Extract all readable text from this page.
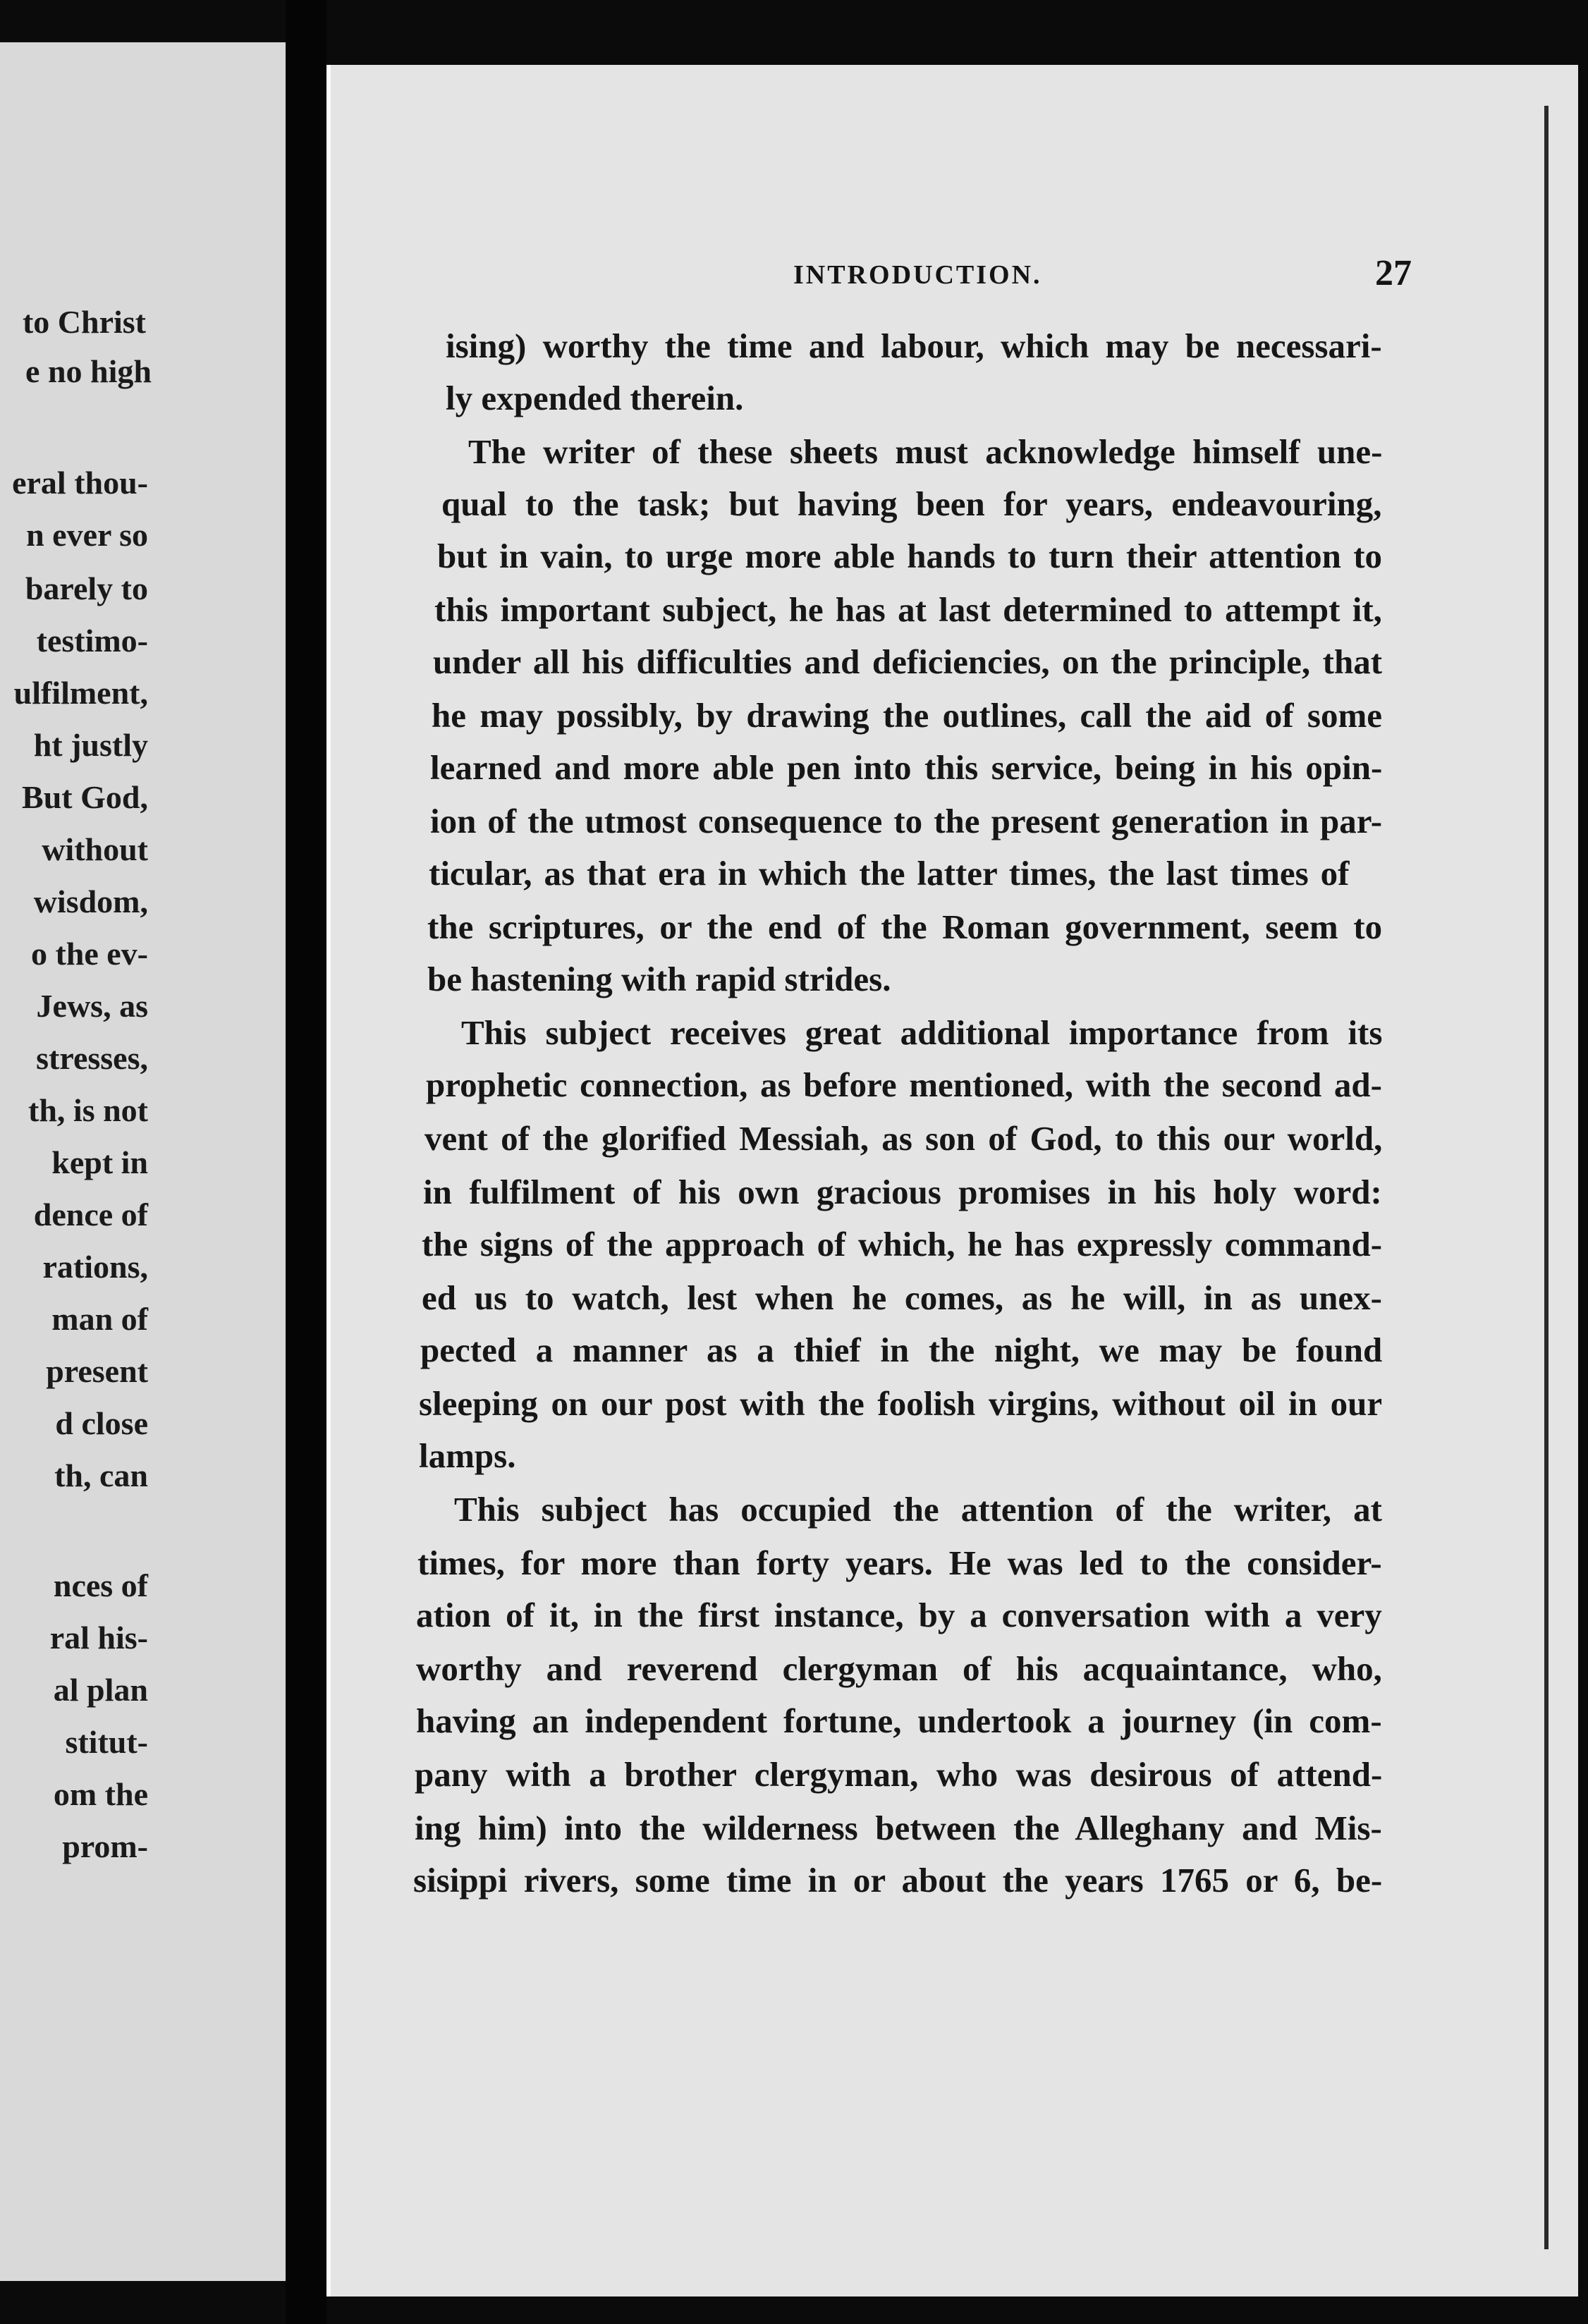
to Christ
e no high
eral thou-
n ever so
barely to
testimo-
ulfilment,
ht justly
But God,
without
wisdom,
o the ev-
Jews, as
stresses,
th, is not
kept in
dence of
rations,
man of
present
d close
th, can
nces of
ral his-
al plan
stitut-
om the
prom-
INTRODUCTION.	27
ising) worthy the time and labour, which may be necessari-
ly expended therein.
The writer of these sheets must acknowledge himself une-
qual to the task; but having been for years, endeavouring,
but in vain, to urge more able hands to turn their attention to
this important subject, he has at last determined to attempt it,
under all his difficulties and deficiencies, on the principle, that
he may possibly, by drawing the outlines, call the aid of some
learned and more able pen into this service, being in his opin-
ion of the utmost consequence to the present generation in par-
ticular, as that era in which the latter times, the last times of
the scriptures, or the end of the Roman government, seem to
be hastening with rapid strides.
This subject receives great additional importance from its
prophetic connection, as before mentioned, with the second ad-
vent of the glorified Messiah, as son of God, to this our world,
in fulfilment of his own gracious promises in his holy word:
the signs of the approach of which, he has expressly command-
ed us to watch, lest when he comes, as he will, in as unex-
pected a manner as a thief in the night, we may be found
sleeping on our post with the foolish virgins, without oil in our
lamps.
This subject has occupied the attention of the writer, at
times, for more than forty years. He was led to the consider-
ation of it, in the first instance, by a conversation with a very
worthy and reverend clergyman of his acquaintance, who,
having an independent fortune, undertook a journey (in com-
pany with a brother clergyman, who was desirous of attend-
ing him) into the wilderness between the Alleghany and Mis-
sisippi rivers, some time in or about the years 1765 or 6, be-
